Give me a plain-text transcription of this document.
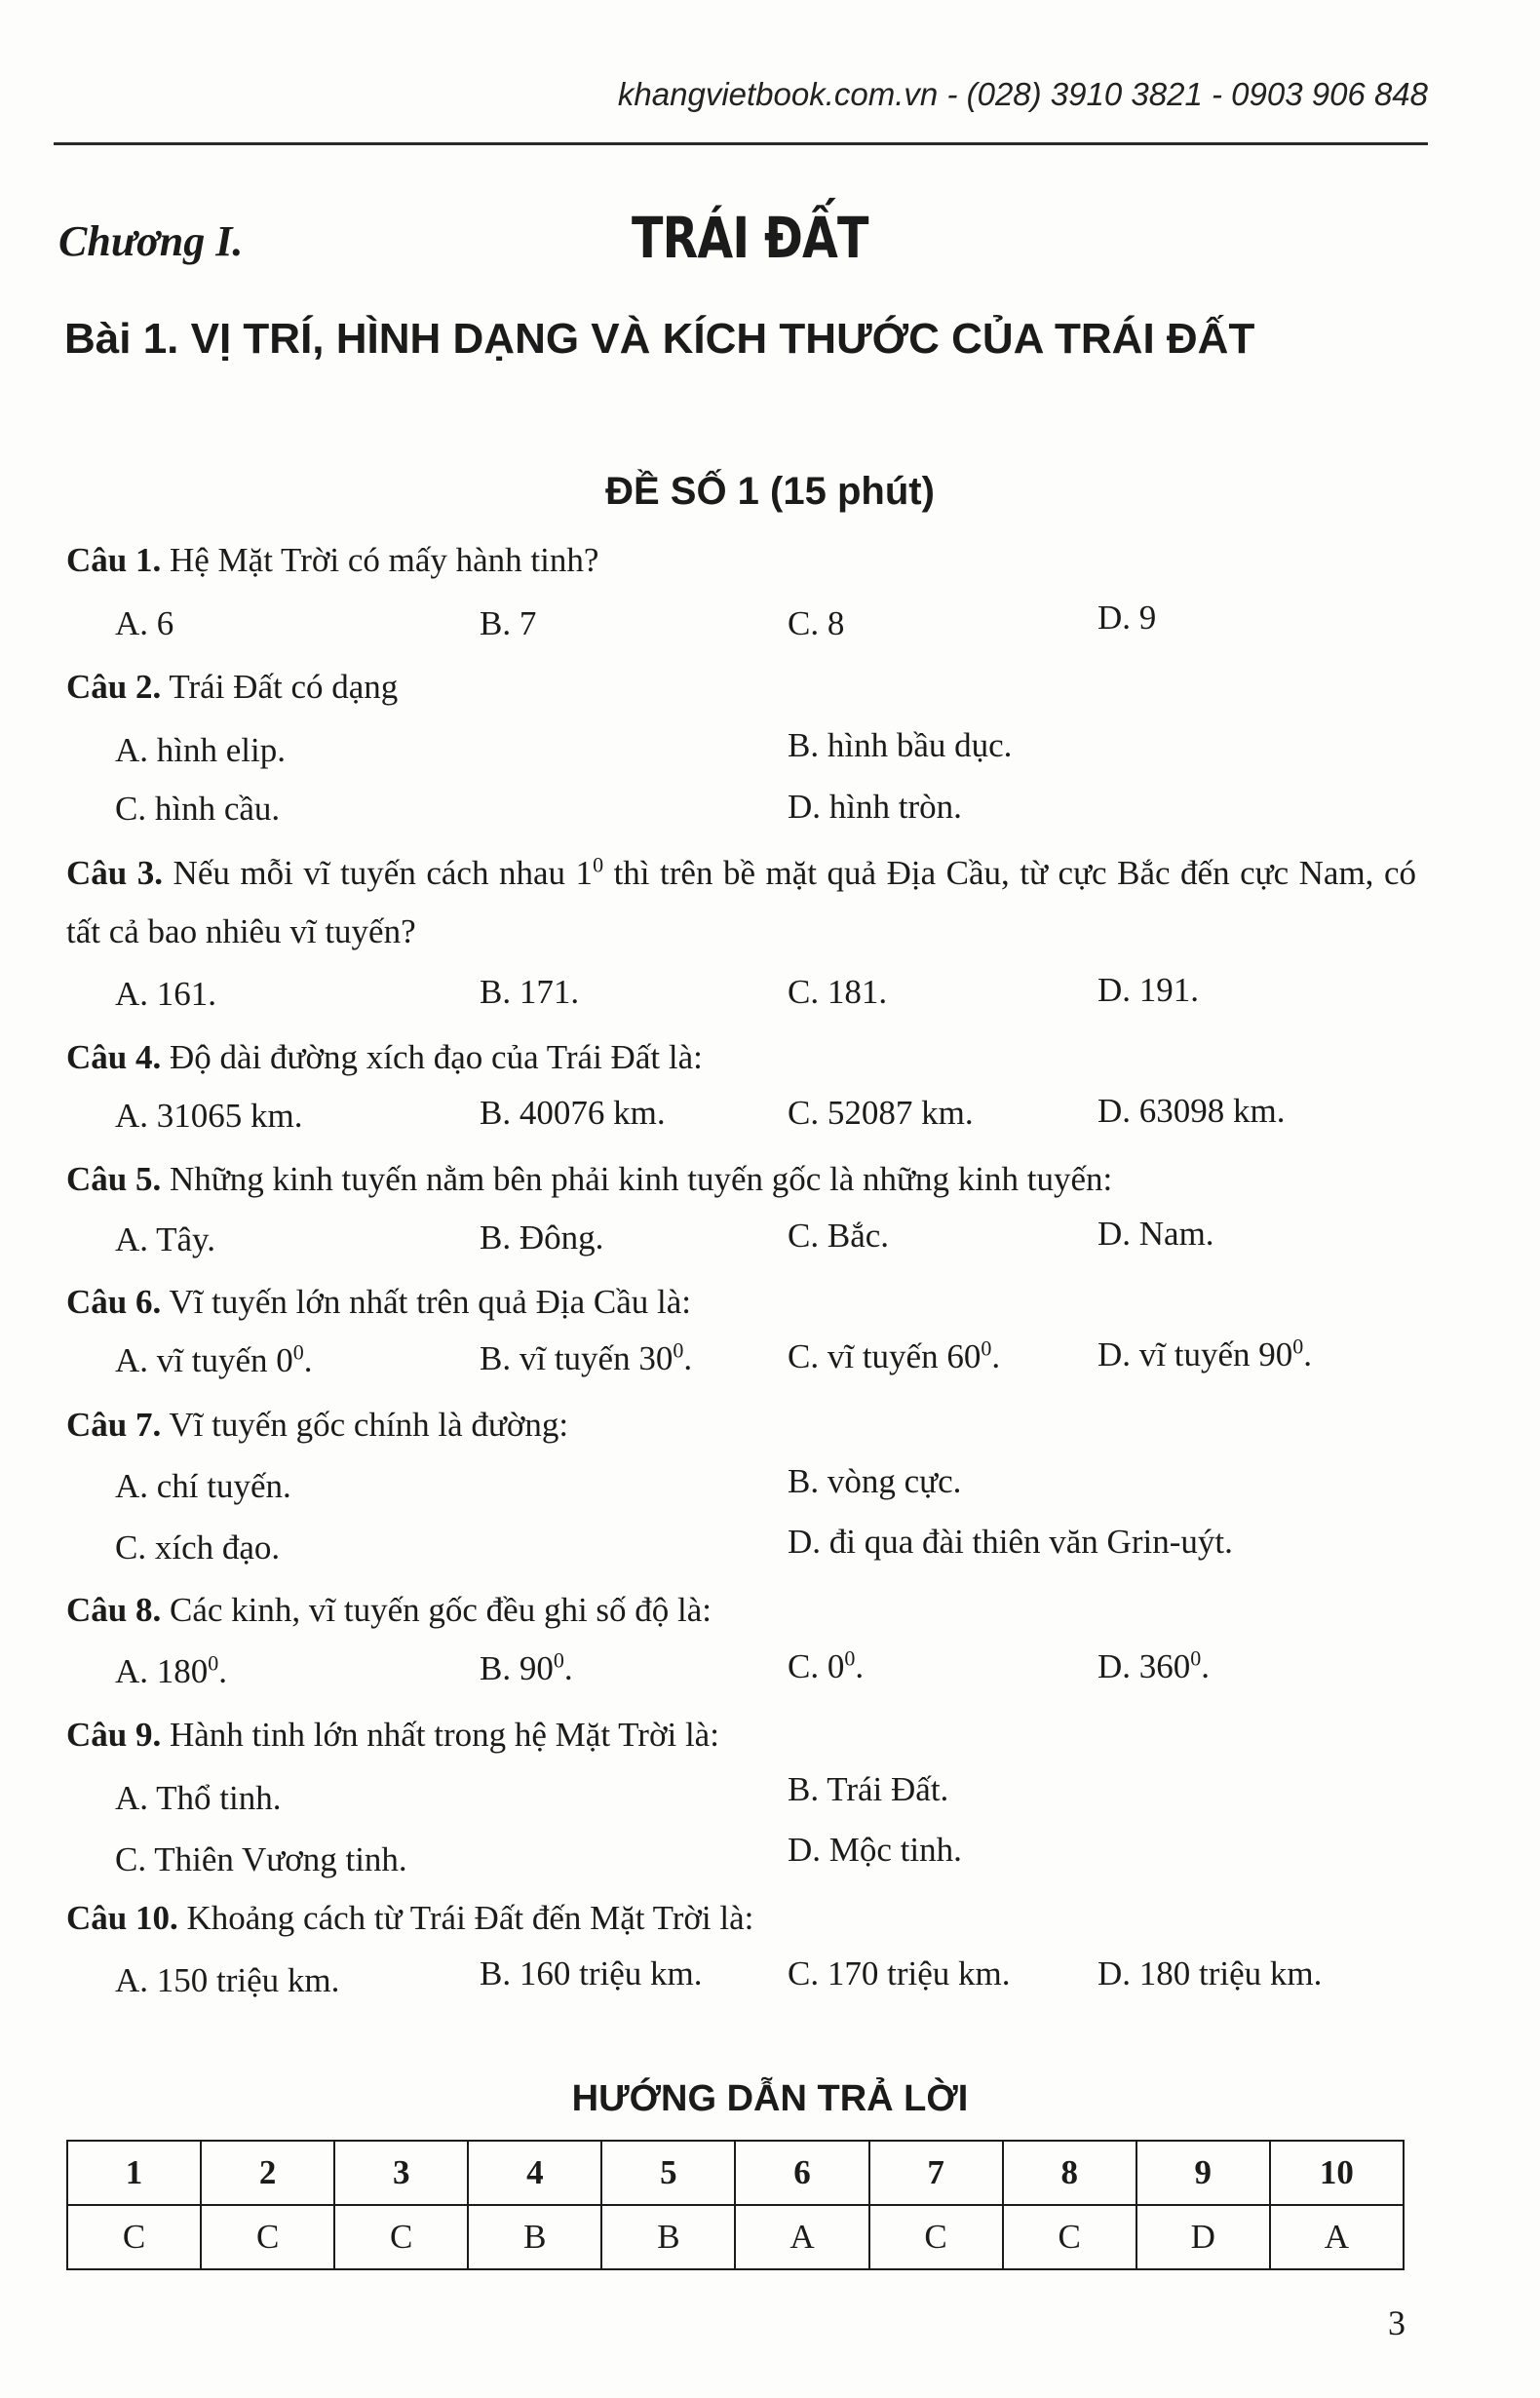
khangvietbook.com.vn - (028) 3910 3821 - 0903 906 848
Chương I.	TRÁI ĐẤT
Bài 1. VỊ TRÍ, HÌNH DẠNG VÀ KÍCH THƯỚC CỦA TRÁI ĐẤT
ĐỀ SỐ 1 (15 phút)
Câu 1. Hệ Mặt Trời có mấy hành tinh?
A. 6	B. 7	C. 8	D. 9
Câu 2. Trái Đất có dạng
A. hình elip.	B. hình bầu dục.
C. hình cầu.	D. hình tròn.
Câu 3. Nếu mỗi vĩ tuyến cách nhau $1^0$ thì trên bề mặt quả Địa Cầu, từ cực Bắc đến cực Nam, có tất cả bao nhiêu vĩ tuyến?
A. 161.	B. 171.	C. 181.	D. 191.
Câu 4. Độ dài đường xích đạo của Trái Đất là:
A. 31065 km.	B. 40076 km.	C. 52087 km.	D. 63098 km.
Câu 5. Những kinh tuyến nằm bên phải kinh tuyến gốc là những kinh tuyến:
A. Tây.	B. Đông.	C. Bắc.	D. Nam.
Câu 6. Vĩ tuyến lớn nhất trên quả Địa Cầu là:
A. vĩ tuyến $0^0$.	B. vĩ tuyến $30^0$.	C. vĩ tuyến $60^0$.	D. vĩ tuyến $90^0$.
Câu 7. Vĩ tuyến gốc chính là đường:
A. chí tuyến.	B. vòng cực.
C. xích đạo.	D. đi qua đài thiên văn Grin-uýt.
Câu 8. Các kinh, vĩ tuyến gốc đều ghi số độ là:
A. $180^0$.	B. $90^0$.	C. $0^0$.	D. $360^0$.
Câu 9. Hành tinh lớn nhất trong hệ Mặt Trời là:
A. Thổ tinh.	B. Trái Đất.
C. Thiên Vương tinh.	D. Mộc tinh.
Câu 10. Khoảng cách từ Trái Đất đến Mặt Trời là:
A. 150 triệu km.	B. 160 triệu km.	C. 170 triệu km.	D. 180 triệu km.
HƯỚNG DẪN TRẢ LỜI
1	2	3	4	5	6	7	8	9	10
C	C	C	B	B	A	C	C	D	A
3
